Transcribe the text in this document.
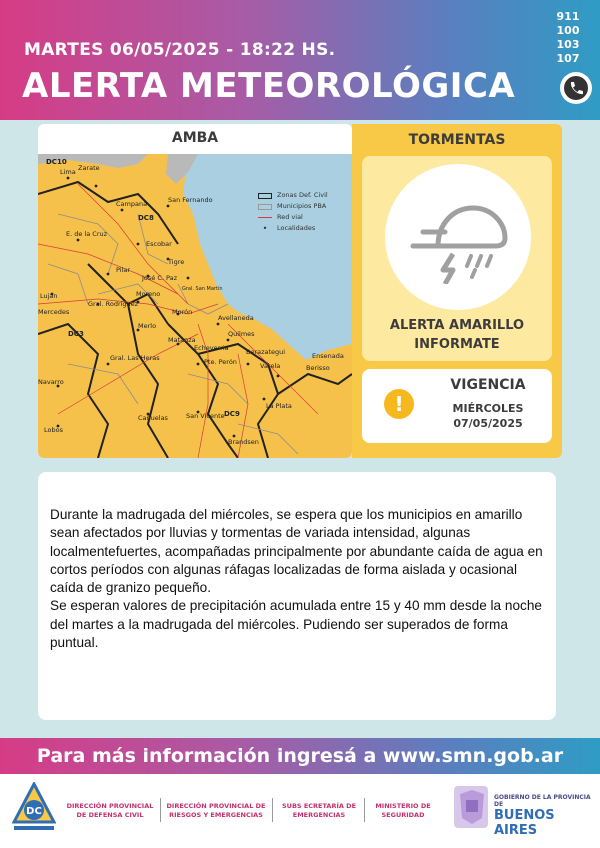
MARTES 06/05/2025 - 18:22 HS.
ALERTA METEOROLÓGICA
911
100
103
107
AMBA
DC10
Lima Zarate
Campana	San Fernando
DC8
E. de la Cruz
Escobar
Tigre
Pilar
José C. Paz
Gral. San Martín
Luján
Gral. Rodríguez
Moreno
Morón
Merlo
Avellaneda
Quilmes
Matanza
Echeverria	Berazategui
DC3
Gral. Las Heras	Pte. Perón
Ensenada
Berisso
Varela
La Plata
Cañuelas	San Vicente DC9
Lobos
Brandsen
Mercedes
Navarro
Zonas Def. Civil
Municipios PBA
Red vial
•	Localidades
TORMENTAS
ALERTA AMARILLO
INFORMATE
!
VIGENCIA
MIÉRCOLES
07/05/2025

Durante la madrugada del miércoles, se espera que los municipios en amarillo sean afectados por lluvias y tormentas de variada intensidad, algunas localmentefuertes, acompañadas principalmente por abundante caída de agua en cortos períodos con algunas ráfagas localizadas de forma aislada y ocasional caída de granizo pequeño.
Se esperan valores de precipitación acumulada entre 15 y 40 mm desde la noche del martes a la madrugada del miércoles. Pudiendo ser superados de forma puntual.

Para más información ingresá a www.smn.gob.ar
DC	DIRECCIÓN PROVINCIAL DE DEFENSA CIVIL
DIRECCIÓN PROVINCIAL DE RIESGOS Y EMERGENCIAS
SUBS ECRETARÍA DE EMERGENCIAS
MINISTERIO DE SEGURIDAD
GOBIERNO DE LA PROVINCIA DE
BUENOS AIRES
